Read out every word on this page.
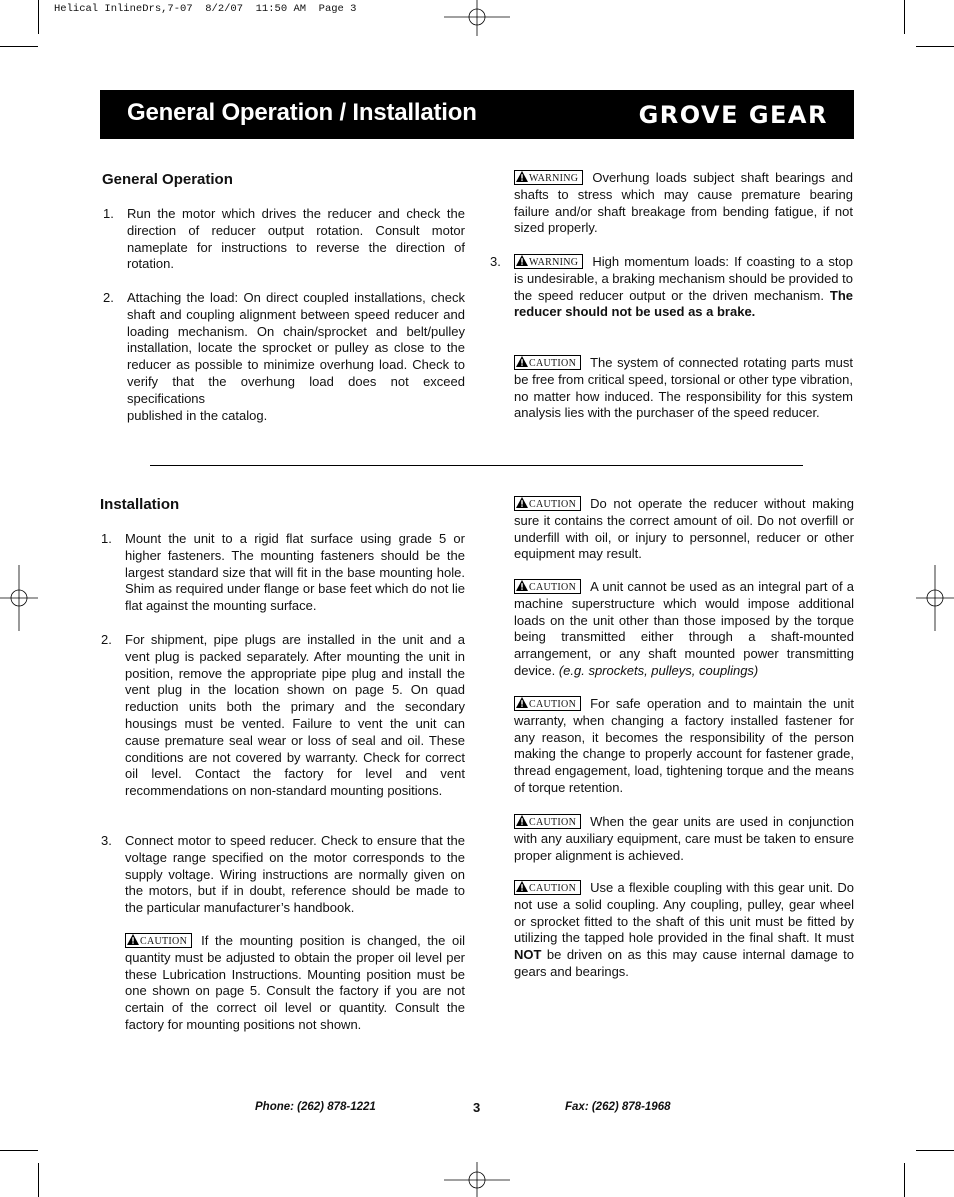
Helical InlineDrs,7-07  8/2/07  11:50 AM  Page 3
General Operation / Installation	GROVE GEAR
General Operation
1. Run the motor which drives the reducer and check the direction of reducer output rotation. Consult motor nameplate for instructions to reverse the direction of rotation.
2. Attaching the load: On direct coupled installations, check shaft and coupling alignment between speed reducer and loading mechanism. On chain/sprocket and belt/pulley installation, locate the sprocket or pulley as close to the reducer as possible to minimize overhung load. Check to verify that the overhung load does not exceed specifications
published in the catalog.
WARNING Overhung loads subject shaft bearings and shafts to stress which may cause premature bearing failure and/or shaft breakage from bending fatigue, if not sized properly.
3.	WARNING High momentum loads: If coasting to a stop is undesirable, a braking mechanism should be provided to the speed reducer output or the driven mechanism. The reducer should not be used as a brake.
CAUTION The system of connected rotating parts must be free from critical speed, torsional or other type vibration, no matter how induced. The responsibility for this system analysis lies with the purchaser of the speed reducer.
Installation
1. Mount the unit to a rigid flat surface using grade 5 or higher fasteners. The mounting fasteners should be the largest standard size that will fit in the base mounting hole. Shim as required under flange or base feet which do not lie flat against the mounting surface.
2. For shipment, pipe plugs are installed in the unit and a vent plug is packed separately. After mounting the unit in position, remove the appropriate pipe plug and install the vent plug in the location shown on page 5. On quad reduction units both the primary and the secondary housings must be vented. Failure to vent the unit can cause premature seal wear or loss of seal and oil. These conditions are not covered by warranty. Check for correct oil level. Contact the factory for level and vent recommendations on non-standard mounting positions.
3. Connect motor to speed reducer. Check to ensure that the voltage range specified on the motor corresponds to the supply voltage. Wiring instructions are normally given on the motors, but if in doubt, reference should be made to the particular manufacturer’s handbook.
CAUTION If the mounting position is changed, the oil quantity must be adjusted to obtain the proper oil level per these Lubrication Instructions. Mounting position must be one shown on page 5. Consult the factory if you are not certain of the correct oil level or quantity. Consult the factory for mounting positions not shown.
CAUTION Do not operate the reducer without making sure it contains the correct amount of oil. Do not overfill or underfill with oil, or injury to personnel, reducer or other equipment may result.
CAUTION A unit cannot be used as an integral part of a machine superstructure which would impose additional loads on the unit other than those imposed by the torque being transmitted either through a shaft-mounted arrangement, or any shaft mounted power transmitting device. (e.g. sprockets, pulleys, couplings)
CAUTION For safe operation and to maintain the unit warranty, when changing a factory installed fastener for any reason, it becomes the responsibility of the person making the change to properly account for fastener grade, thread engagement, load, tightening torque and the means of torque retention.
CAUTION When the gear units are used in conjunction with any auxiliary equipment, care must be taken to ensure proper alignment is achieved.
CAUTION Use a flexible coupling with this gear unit. Do not use a solid coupling. Any coupling, pulley, gear wheel or sprocket fitted to the shaft of this unit must be fitted by utilizing the tapped hole provided in the final shaft. It must NOT be driven on as this may cause internal damage to gears and bearings.
Phone: (262) 878-1221	3	Fax: (262) 878-1968
